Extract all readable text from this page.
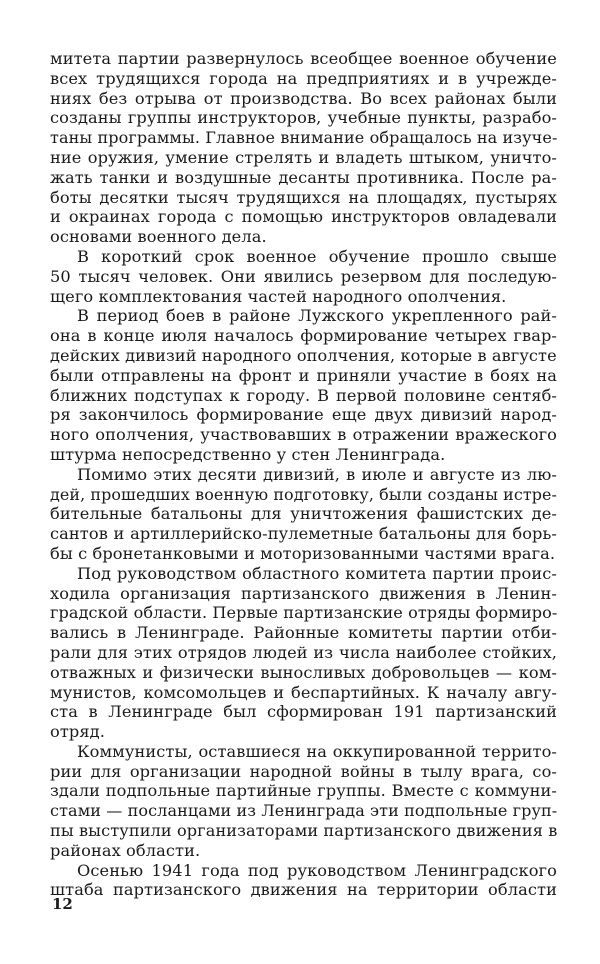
митета партии развернулось всеобщее военное обучение
всех трудящихся города на предприятиях и в учрежде-
ниях без отрыва от производства. Во всех районах были
созданы группы инструкторов, учебные пункты, разрабо-
таны программы. Главное внимание обращалось на изуче-
ние оружия, умение стрелять и владеть штыком, уничто-
жать танки и воздушные десанты противника. После ра-
боты десятки тысяч трудящихся на площадях, пустырях
и окраинах города с помощью инструкторов овладевали
основами военного дела.
В короткий срок военное обучение прошло свыше
50 тысяч человек. Они явились резервом для последую-
щего комплектования частей народного ополчения.
В период боев в районе Лужского укрепленного рай-
она в конце июля началось формирование четырех гвар-
дейских дивизий народного ополчения, которые в августе
были отправлены на фронт и приняли участие в боях на
ближних подступах к городу. В первой половине сентяб-
ря закончилось формирование еще двух дивизий народ-
ного ополчения, участвовавших в отражении вражеского
штурма непосредственно у стен Ленинграда.
Помимо этих десяти дивизий, в июле и августе из лю-
дей, прошедших военную подготовку, были созданы истре-
бительные батальоны для уничтожения фашистских де-
сантов и артиллерийско-пулеметные батальоны для борь-
бы с бронетанковыми и моторизованными частями врага.
Под руководством областного комитета партии проис-
ходила организация партизанского движения в Ленин-
градской области. Первые партизанские отряды формиро-
вались в Ленинграде. Районные комитеты партии отби-
рали для этих отрядов людей из числа наиболее стойких,
отважных и физически выносливых добровольцев — ком-
мунистов, комсомольцев и беспартийных. К началу авгу-
ста в Ленинграде был сформирован 191 партизанский
отряд.
Коммунисты, оставшиеся на оккупированной террито-
рии для организации народной войны в тылу врага, со-
здали подпольные партийные группы. Вместе с коммуни-
стами — посланцами из Ленинграда эти подпольные груп-
пы выступили организаторами партизанского движения в
районах области.
Осенью 1941 года под руководством Ленинградского
штаба партизанского движения на территории области
12
